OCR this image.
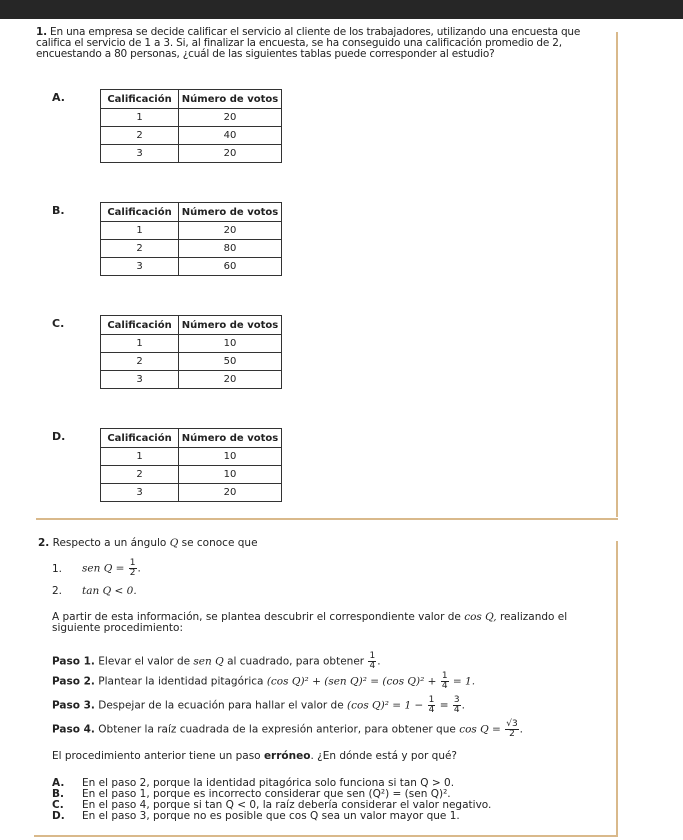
1. En una empresa se decide calificar el servicio al cliente de los trabajadores, utilizando una encuesta que califica el servicio de 1 a 3. Si, al finalizar la encuesta, se ha conseguido una calificación promedio de 2, encuestando a 80 personas, ¿cuál de las siguientes tablas puede corresponder al estudio?
A.	Calificación	Número de votos
1	20
2	40
3	20
B.	Calificación	Número de votos
1	20
2	80
3	60
C.	Calificación	Número de votos
1	10
2	50
3	20
D.	Calificación	Número de votos
1	10
2	10
3	20
2. Respecto a un ángulo Q se conoce que
1. sen $Q = \frac{1}{2}$ .
2. tan Q < 0.
A partir de esta información, se plantea descubrir el correspondiente valor de cos Q, realizando el siguiente procedimiento:
Paso 1. Elevar el valor de sen Q al cuadrado, para obtener $\frac{1}{4}$ .
Paso 2. Plantear la identidad pitagórica (cos Q)² + (sen Q)² = (cos $Q)^2 + \frac{1}{4} = 1$.
Paso 3. Despejar de la ecuación para hallar el valor de (cos $Q)^2 = 1 - \frac{1}{4} = \frac{3}{4}$ .
Paso 4. Obtener la raíz cuadrada de la expresión anterior, para obtener que $\cos Q = \frac{√3}{2}$ .
El procedimiento anterior tiene un paso erróneo. ¿En dónde está y por qué?
A. En el paso 2, porque la identidad pitagórica solo funciona si tan Q > 0.
B. En el paso 1, porque es incorrecto considerar que sen (Q²) = (sen Q)².
C. En el paso 4, porque si tan Q < 0, la raíz debería considerar el valor negativo.
D. En el paso 3, porque no es posible que cos Q sea un valor mayor que 1.
